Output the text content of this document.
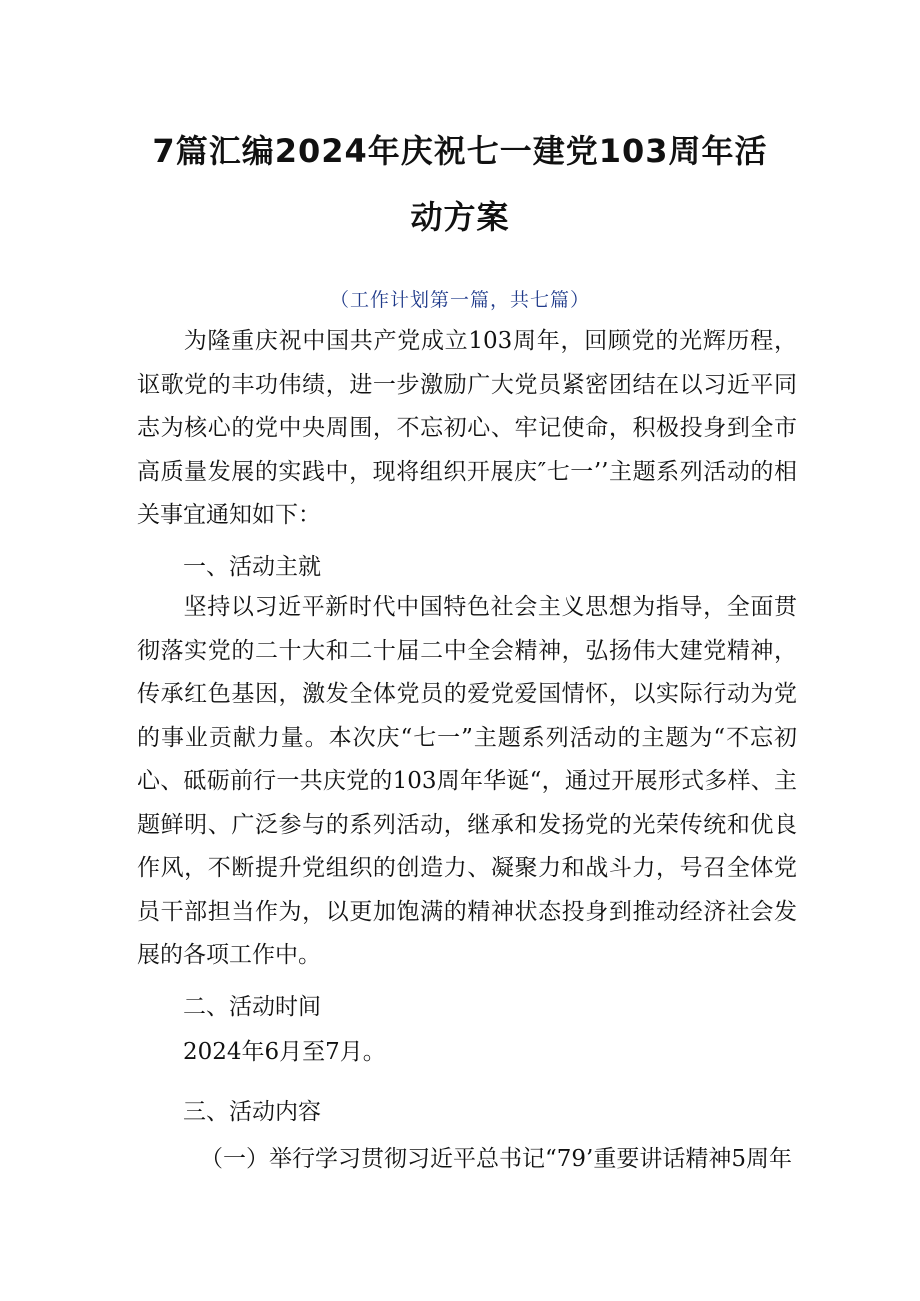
7篇汇编2024年庆祝七一建党103周年活
动方案
（工作计划第一篇，共七篇）
为隆重庆祝中国共产党成立103周年，回顾党的光辉历程，讴歌党的丰功伟绩，进一步激励广大党员紧密团结在以习近平同志为核心的党中央周围，不忘初心、牢记使命，积极投身到全市高质量发展的实践中，现将组织开展庆″七一’’主题系列活动的相关事宜通知如下：
一、活动主就
坚持以习近平新时代中国特色社会主义思想为指导，全面贯彻落实党的二十大和二十届二中全会精神，弘扬伟大建党精神，传承红色基因，激发全体党员的爱党爱国情怀，以实际行动为党的事业贡献力量。本次庆“七一”主题系列活动的主题为“不忘初心、砥砺前行一共庆党的103周年华诞“，通过开展形式多样、主题鲜明、广泛参与的系列活动，继承和发扬党的光荣传统和优良作风，不断提升党组织的创造力、凝聚力和战斗力，号召全体党员干部担当作为，以更加饱满的精神状态投身到推动经济社会发展的各项工作中。
二、活动时间
2024年6月至7月。
三、活动内容
（一）举行学习贯彻习近平总书记“79’重要讲话精神5周年
